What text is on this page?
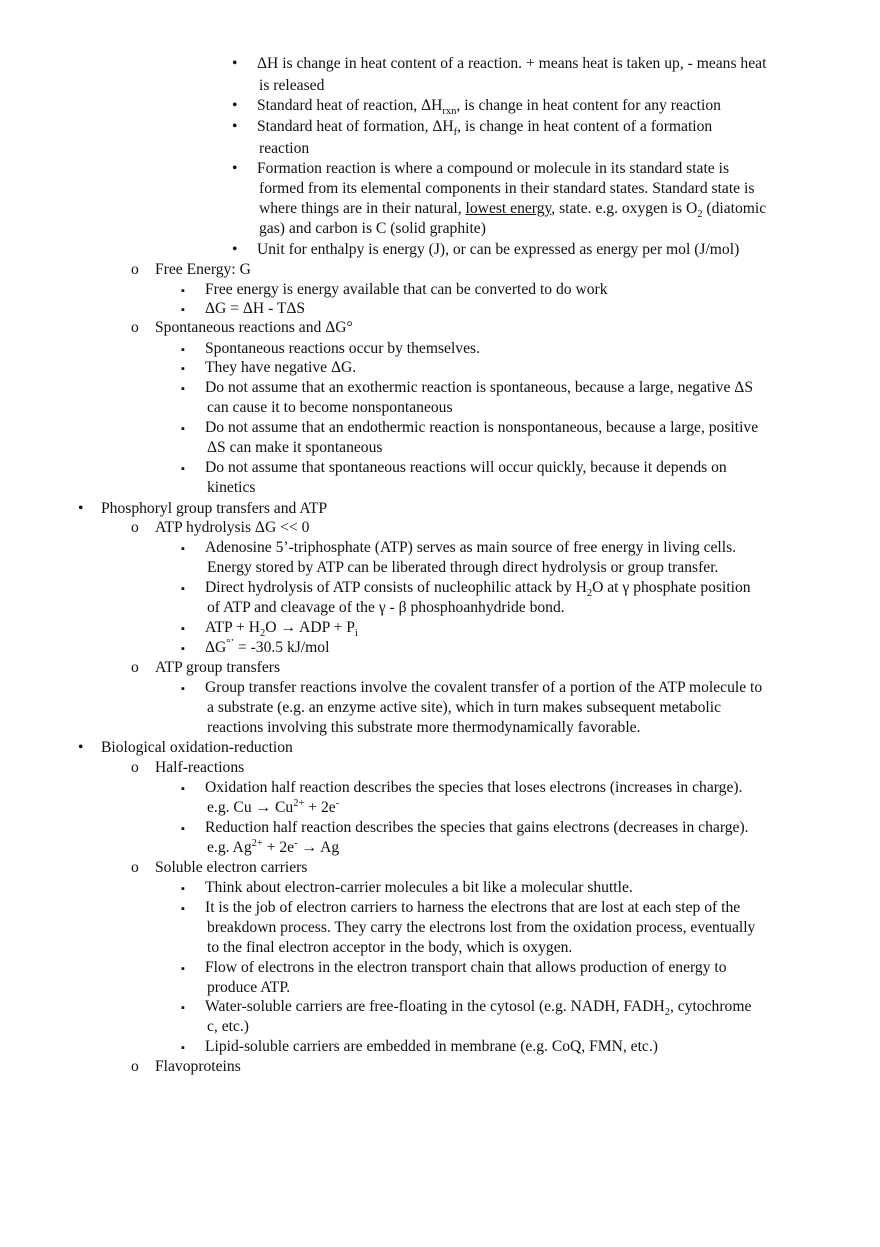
• ΔH is change in heat content of a reaction. + means heat is taken up, - means heat
is released
• Standard heat of reaction, $\Delta H_{rxn}$, is change in heat content for any reaction
• Standard heat of formation, $\Delta H_f$, is change in heat content of a formation
reaction
• Formation reaction is where a compound or molecule in its standard state is
formed from its elemental components in their standard states. Standard state is
where things are in their natural, lowest energy, state. e.g. oxygen is $O_2$ (diatomic
gas) and carbon is C (solid graphite)
• Unit for enthalpy is energy (J), or can be expressed as energy per mol (J/mol)
o Free Energy: G
▪ Free energy is energy available that can be converted to do work
▪ ΔG = ΔH - TΔS
o Spontaneous reactions and ΔG°
▪ Spontaneous reactions occur by themselves.
▪ They have negative ΔG.
▪ Do not assume that an exothermic reaction is spontaneous, because a large, negative ΔS
can cause it to become nonspontaneous
▪ Do not assume that an endothermic reaction is nonspontaneous, because a large, positive
ΔS can make it spontaneous
▪ Do not assume that spontaneous reactions will occur quickly, because it depends on
kinetics
• Phosphoryl group transfers and ATP
o ATP hydrolysis ΔG << 0
▪ Adenosine 5’-triphosphate (ATP) serves as main source of free energy in living cells.
Energy stored by ATP can be liberated through direct hydrolysis or group transfer.
▪ Direct hydrolysis of ATP consists of nucleophilic attack by $H_2O$ at γ phosphate position
of ATP and cleavage of the γ - β phosphoanhydride bond.
▪ ATP + $H_2O$ → ADP + $P_i$
▪ ΔG°’ = -30.5 kJ/mol
o ATP group transfers
▪ Group transfer reactions involve the covalent transfer of a portion of the ATP molecule to
a substrate (e.g. an enzyme active site), which in turn makes subsequent metabolic
reactions involving this substrate more thermodynamically favorable.
• Biological oxidation-reduction
o Half-reactions
▪ Oxidation half reaction describes the species that loses electrons (increases in charge).
e.g. $Cu \to Cu^{2+} + 2e^-$
▪ Reduction half reaction describes the species that gains electrons (decreases in charge).
e.g. $Ag^{2+} + 2e^- \to Ag$
o Soluble electron carriers
▪ Think about electron-carrier molecules a bit like a molecular shuttle.
▪ It is the job of electron carriers to harness the electrons that are lost at each step of the
breakdown process. They carry the electrons lost from the oxidation process, eventually
to the final electron acceptor in the body, which is oxygen.
▪ Flow of electrons in the electron transport chain that allows production of energy to
produce ATP.
▪ Water-soluble carriers are free-floating in the cytosol (e.g. NADH, $FADH_2$, cytochrome
c, etc.)
▪ Lipid-soluble carriers are embedded in membrane (e.g. CoQ, FMN, etc.)
o Flavoproteins
